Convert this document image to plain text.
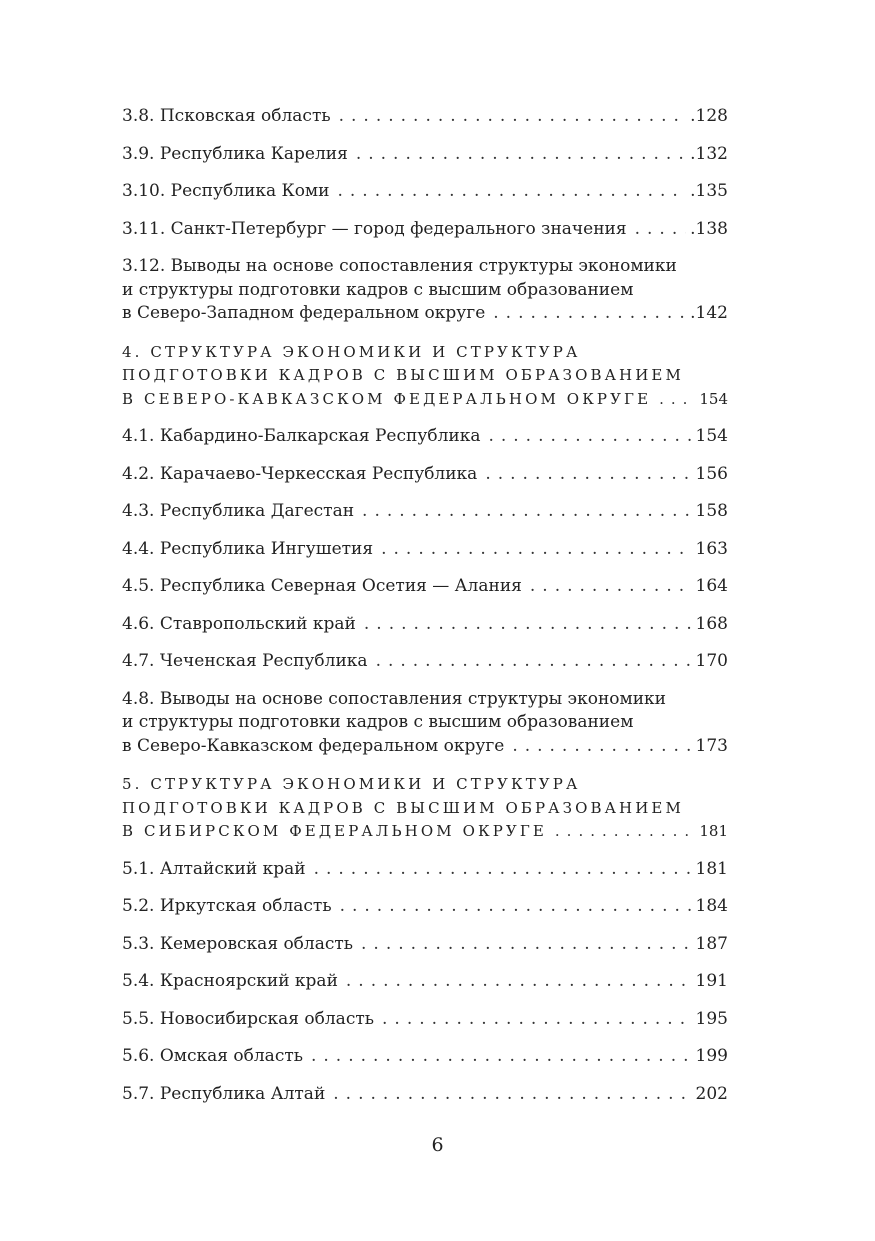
3.8. Псковская область .....	.128
3.9. Республика Карелия .....	.132
3.10. Республика Коми .....	.135
3.11. Санкт-Петербург — город федерального значения .....	.138
3.12. Выводы на основе сопоставления структуры экономики
и структуры подготовки кадров с высшим образованием
в Северо-Западном федеральном округе .....	.142
4. СТРУКТУРА ЭКОНОМИКИ И СТРУКТУРА
ПОДГОТОВКИ КАДРОВ С ВЫСШИМ ОБРАЗОВАНИЕМ
В СЕВЕРО-КАВКАЗСКОМ ФЕДЕРАЛЬНОМ ОКРУГЕ .....	154
4.1. Кабардино-Балкарская Республика .....	154
4.2. Карачаево-Черкесская Республика .....	156
4.3. Республика Дагестан .....	158
4.4. Республика Ингушетия .....	163
4.5. Республика Северная Осетия — Алания .....	164
4.6. Ставропольский край .....	168
4.7. Чеченская Республика .....	170
4.8. Выводы на основе сопоставления структуры экономики
и структуры подготовки кадров с высшим образованием
в Северо-Кавказском федеральном округе .....	173
5. СТРУКТУРА ЭКОНОМИКИ И СТРУКТУРА
ПОДГОТОВКИ КАДРОВ С ВЫСШИМ ОБРАЗОВАНИЕМ
В СИБИРСКОМ ФЕДЕРАЛЬНОМ ОКРУГЕ .....	181
5.1. Алтайский край .....	181
5.2. Иркутская область .....	184
5.3. Кемеровская область .....	187
5.4. Красноярский край .....	191
5.5. Новосибирская область .....	195
5.6. Омская область .....	199
5.7. Республика Алтай .....	202
6
